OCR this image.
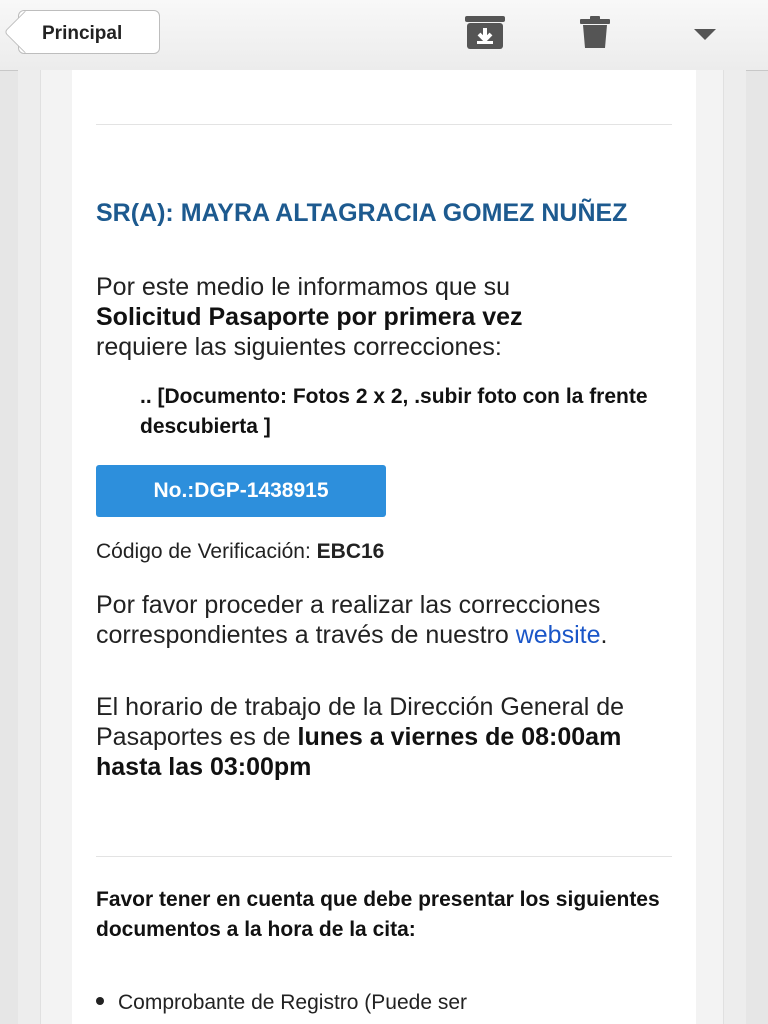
Principal
SR(A): MAYRA ALTAGRACIA GOMEZ NUÑEZ
Por este medio le informamos que su
Solicitud Pasaporte por primera vez
requiere las siguientes correcciones:
.. [Documento: Fotos 2 x 2, .subir foto con la frente descubierta ]
No.:DGP-1438915
Código de Verificación: EBC16
Por favor proceder a realizar las correcciones correspondientes a través de nuestro website.
El horario de trabajo de la Dirección General de Pasaportes es de lunes a viernes de 08:00am hasta las 03:00pm
Favor tener en cuenta que debe presentar los siguientes documentos a la hora de la cita:
Comprobante de Registro (Puede ser
